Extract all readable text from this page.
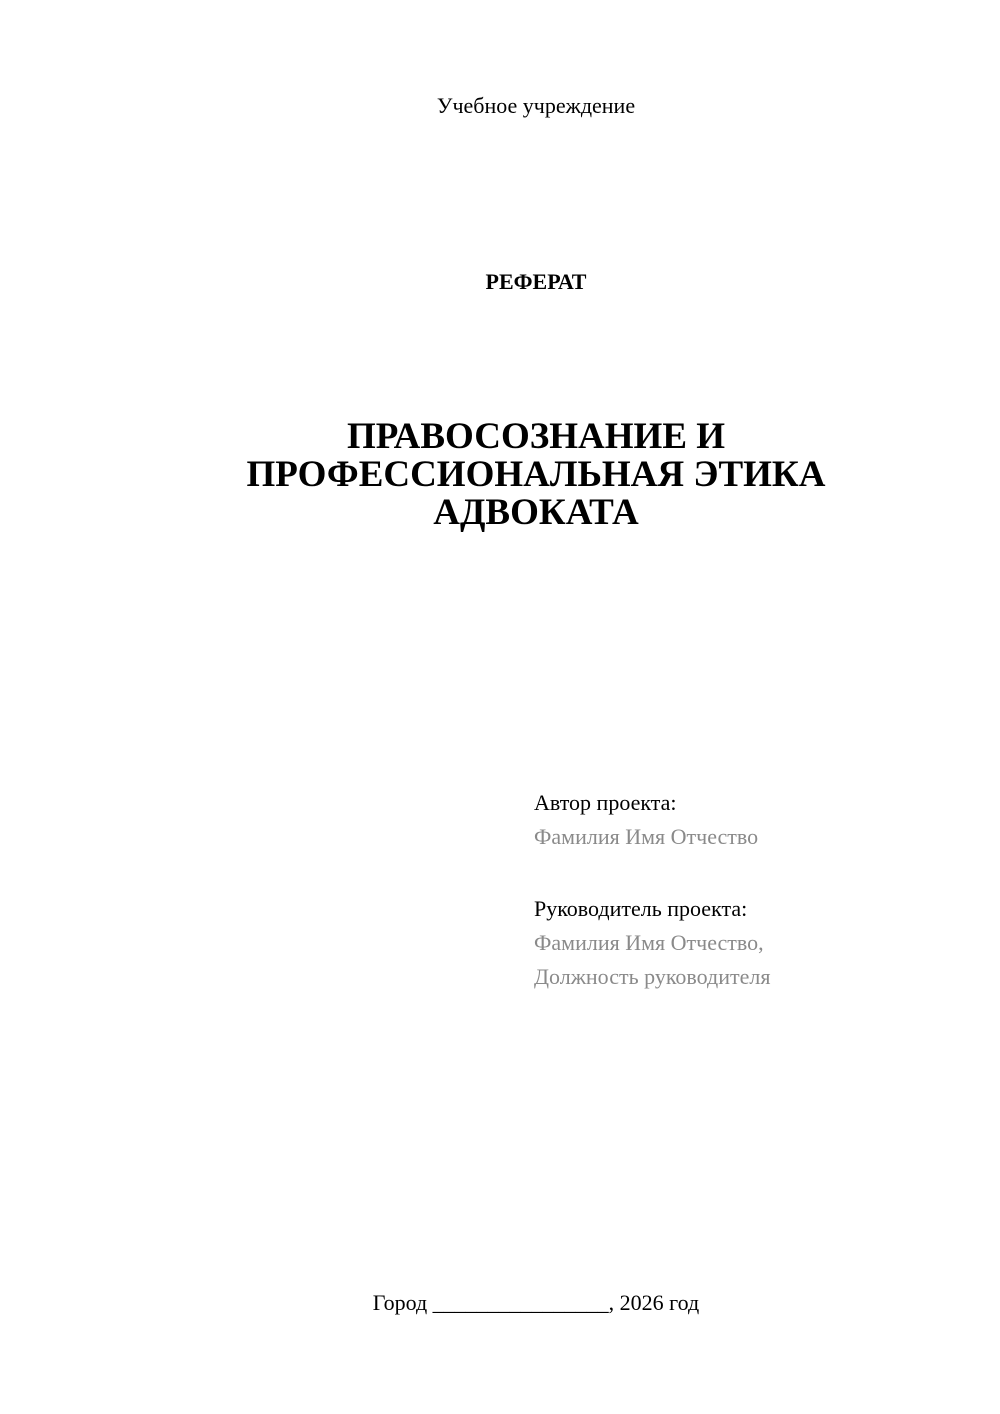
Учебное учреждение
РЕФЕРАТ
ПРАВОСОЗНАНИЕ И
ПРОФЕССИОНАЛЬНАЯ ЭТИКА
АДВОКАТА
Автор проекта:
Фамилия Имя Отчество
Руководитель проекта:
Фамилия Имя Отчество,
Должность руководителя
Город ________________, 2026 год
